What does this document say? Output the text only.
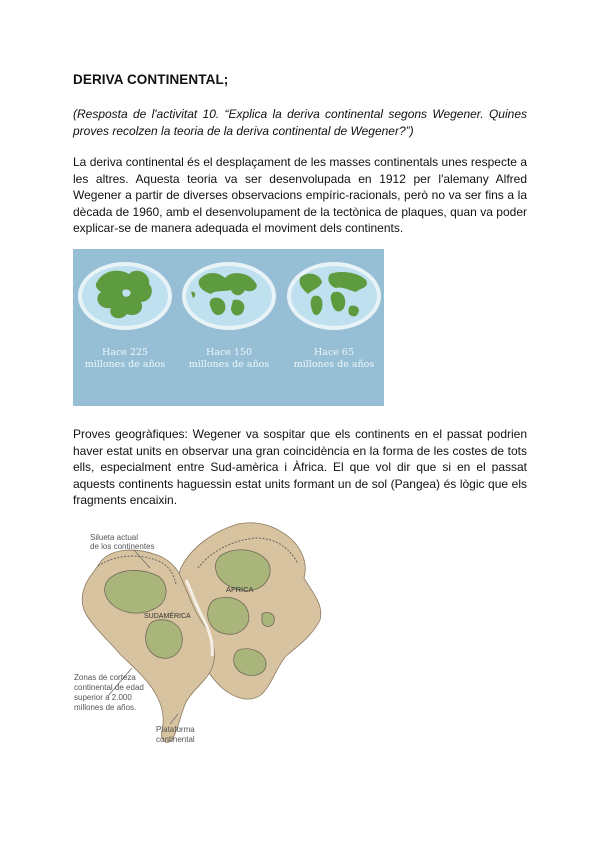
DERIVA CONTINENTAL;
(Resposta de l'activitat 10. “Explica la deriva continental segons Wegener. Quines proves recolzen la teoria de la deriva continental de Wegener?”)
La deriva continental és el desplaçament de les masses continentals unes respecte a les altres. Aquesta teoria va ser desenvolupada en 1912 per l'alemany Alfred Wegener a partir de diverses observacions empíric-racionals, però no va ser fins a la dècada de 1960, amb el desenvolupament de la tectònica de plaques, quan va poder explicar-se de manera adequada el moviment dels continents.
Hace 225
millones de años
Hace 150
millones de años
Hace 65
millones de años
Proves geogràfiques: Wegener va sospitar que els continents en el passat podrien haver estat units en observar una gran coincidència en la forma de les costes de tots ells, especialment entre Sud-amèrica i Àfrica. El que vol dir que si en el passat aquests continents haguessin estat units formant un de sol (Pangea) és lògic que els fragments encaixin.
Silueta actual
de los continentes
ÁFRICA
SUDAMÉRICA
Zonas de corteza
continental de edad
superior a 2.000
millones de años.
Plataforma
continental
